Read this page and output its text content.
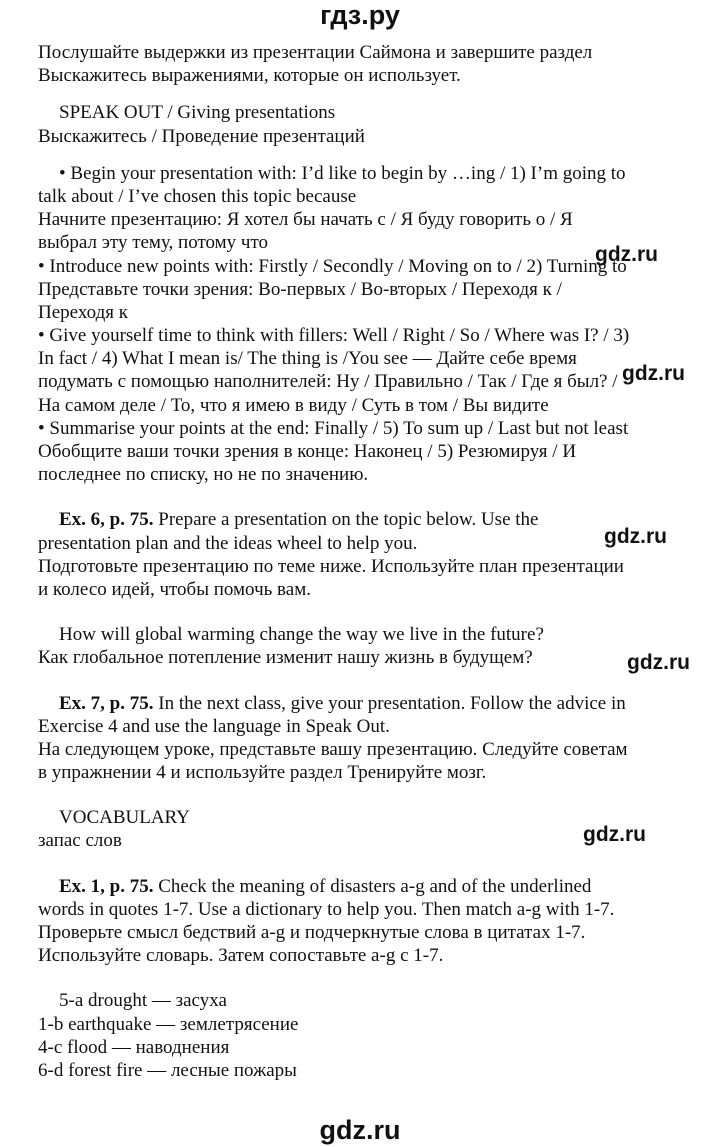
гдз.ру
gdz.ru
gdz.ru
gdz.ru
gdz.ru
gdz.ru
Послушайте выдержки из презентации Саймона и завершите раздел
Выскажитесь выражениями, которые он использует.
SPEAK OUT / Giving presentations
Выскажитесь / Проведение презентаций
• Begin your presentation with: I’d like to begin by …ing / 1) I’m going to
talk about / I’ve chosen this topic because
Начните презентацию: Я хотел бы начать с / Я буду говорить о / Я
выбрал эту тему, потому что
• Introduce new points with: Firstly / Secondly / Moving on to / 2) Turning to
Представьте точки зрения: Во-первых / Во-вторых / Переходя к /
Переходя к
• Give yourself time to think with fillers: Well / Right / So / Where was I? / 3)
In fact / 4) What I mean is/ The thing is /You see — Дайте себе время
подумать с помощью наполнителей: Ну / Правильно / Так / Где я был? /
На самом деле / То, что я имею в виду / Суть в том / Вы видите
• Summarise your points at the end: Finally / 5) To sum up / Last but not least
Обобщите ваши точки зрения в конце: Наконец / 5) Резюмируя / И
последнее по списку, но не по значению.
Ex. 6, p. 75. Prepare a presentation on the topic below. Use the
presentation plan and the ideas wheel to help you.
Подготовьте презентацию по теме ниже. Используйте план презентации
и колесо идей, чтобы помочь вам.
How will global warming change the way we live in the future?
Как глобальное потепление изменит нашу жизнь в будущем?
Ex. 7, p. 75. In the next class, give your presentation. Follow the advice in
Exercise 4 and use the language in Speak Out.
На следующем уроке, представьте вашу презентацию. Следуйте советам
в упражнении 4 и используйте раздел Тренируйте мозг.
VOCABULARY
запас слов
Ex. 1, p. 75. Check the meaning of disasters a-g and of the underlined
words in quotes 1-7. Use a dictionary to help you. Then match a-g with 1-7.
Проверьте смысл бедствий a-g и подчеркнутые слова в цитатах 1-7.
Используйте словарь. Затем сопоставьте a-g с 1-7.
5-a drought — засуха
1-b earthquake — землетрясение
4-c flood — наводнения
6-d forest fire — лесные пожары
gdz.ru
